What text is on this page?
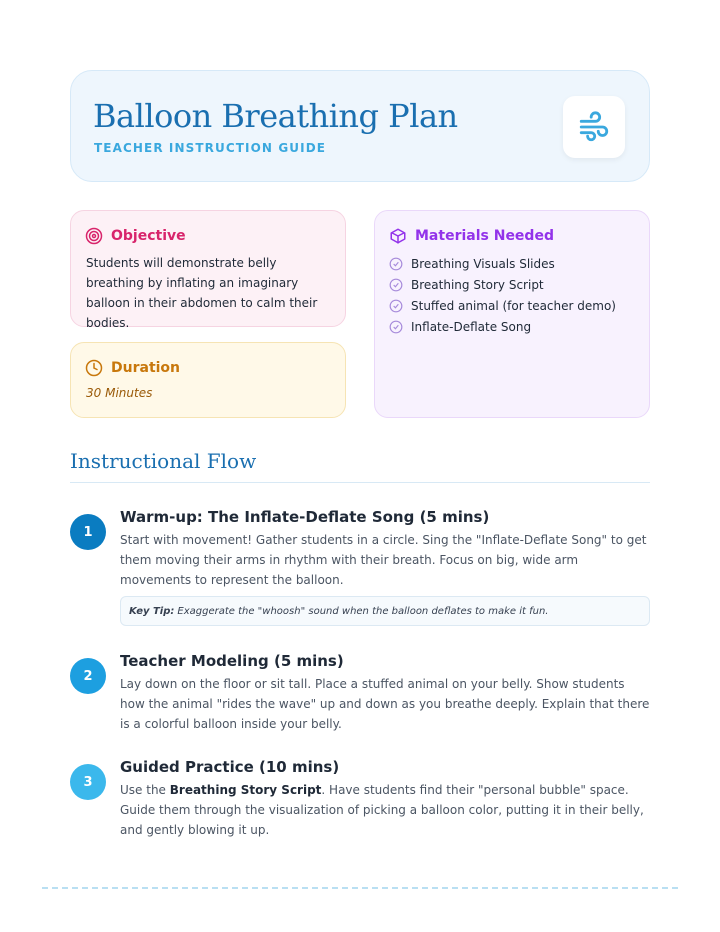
Balloon Breathing Plan
TEACHER INSTRUCTION GUIDE
Objective
Students will demonstrate belly breathing by inflating an imaginary balloon in their abdomen to calm their bodies.
Duration
30 Minutes
Materials Needed
Breathing Visuals Slides
Breathing Story Script
Stuffed animal (for teacher demo)
Inflate-Deflate Song
Instructional Flow
1
Warm-up: The Inflate-Deflate Song (5 mins)
Start with movement! Gather students in a circle. Sing the "Inflate-Deflate Song" to get them moving their arms in rhythm with their breath. Focus on big, wide arm movements to represent the balloon.
Key Tip: Exaggerate the "whoosh" sound when the balloon deflates to make it fun.
2
Teacher Modeling (5 mins)
Lay down on the floor or sit tall. Place a stuffed animal on your belly. Show students how the animal "rides the wave" up and down as you breathe deeply. Explain that there is a colorful balloon inside your belly.
3
Guided Practice (10 mins)
Use the Breathing Story Script. Have students find their "personal bubble" space. Guide them through the visualization of picking a balloon color, putting it in their belly, and gently blowing it up.
